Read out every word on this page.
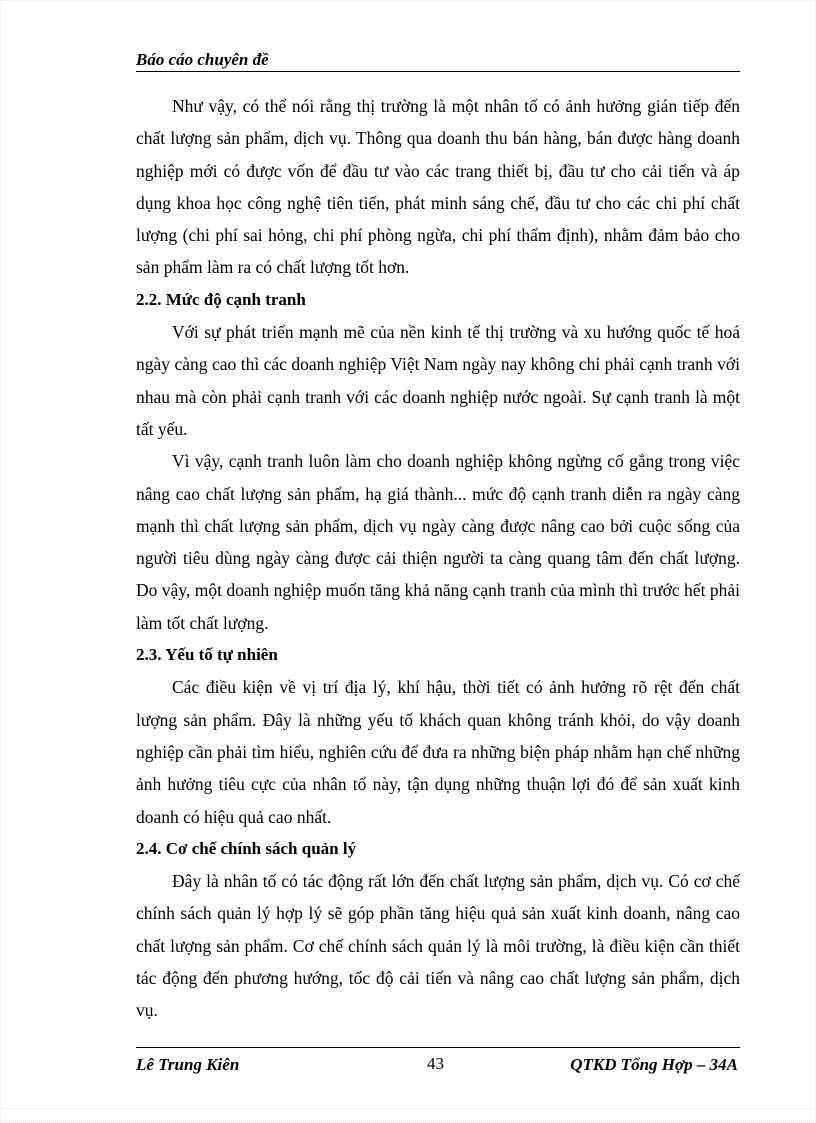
Báo cáo chuyên đề

Như vậy, có thể nói rằng thị trường là một nhân tố có ảnh hưởng gián tiếp đến chất lượng sản phẩm, dịch vụ. Thông qua doanh thu bán hàng, bán được hàng doanh nghiệp mới có được vốn để đầu tư vào các trang thiết bị, đầu tư cho cải tiến và áp dụng khoa học công nghệ tiên tiến, phát minh sáng chế, đầu tư cho các chi phí chất lượng (chi phí sai hỏng, chi phí phòng ngừa, chi phí thẩm định), nhằm đảm bảo cho sản phẩm làm ra có chất lượng tốt hơn.

2.2. Mức độ cạnh tranh

Với sự phát triển mạnh mẽ của nền kinh tế thị trường và xu hướng quốc tế hoá ngày càng cao thì các doanh nghiệp Việt Nam ngày nay không chỉ phải cạnh tranh với nhau mà còn phải cạnh tranh với các doanh nghiệp nước ngoài. Sự cạnh tranh là một tất yếu.

Vì vậy, cạnh tranh luôn làm cho doanh nghiệp không ngừng cố gắng trong việc nâng cao chất lượng sản phẩm, hạ giá thành... mức độ cạnh tranh diễn ra ngày càng mạnh thì chất lượng sản phẩm, dịch vụ ngày càng được nâng cao bởi cuộc sống của người tiêu dùng ngày càng được cải thiện người ta càng quang tâm đến chất lượng. Do vậy, một doanh nghiệp muốn tăng khả năng cạnh tranh của mình thì trước hết phải làm tốt chất lượng.

2.3. Yếu tố tự nhiên

Các điều kiện về vị trí địa lý, khí hậu, thời tiết có ảnh hưởng rõ rệt đến chất lượng sản phẩm. Đây là những yếu tố khách quan không tránh khỏi, do vậy doanh nghiệp cần phải tìm hiểu, nghiên cứu để đưa ra những biện pháp nhằm hạn chế những ảnh hưởng tiêu cực của nhân tố này, tận dụng những thuận lợi đó để sản xuất kinh doanh có hiệu quả cao nhất.

2.4. Cơ chế chính sách quản lý

Đây là nhân tố có tác động rất lớn đến chất lượng sản phẩm, dịch vụ. Có cơ chế chính sách quản lý hợp lý sẽ góp phần tăng hiệu quả sản xuất kinh doanh, nâng cao chất lượng sản phẩm. Cơ chế chính sách quản lý là môi trường, là điều kiện cần thiết tác động đến phương hướng, tốc độ cải tiến và nâng cao chất lượng sản phẩm, dịch vụ.

Lê Trung Kiên	43	QTKD Tổng Hợp – 34A
